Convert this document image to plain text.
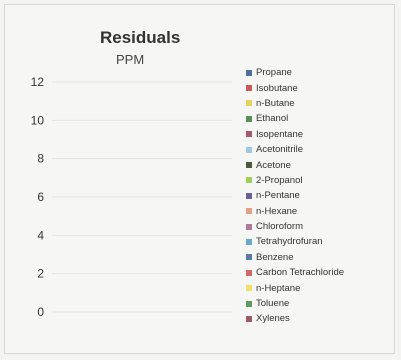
Residuals
PPM
0
2
4
6
8
10
12
Propane
Isobutane
n-Butane
Ethanol
Isopentane
Acetonitrile
Acetone
2-Propanol
n-Pentane
n-Hexane
Chloroform
Tetrahydrofuran
Benzene
Carbon Tetrachloride
n-Heptane
Toluene
Xylenes
